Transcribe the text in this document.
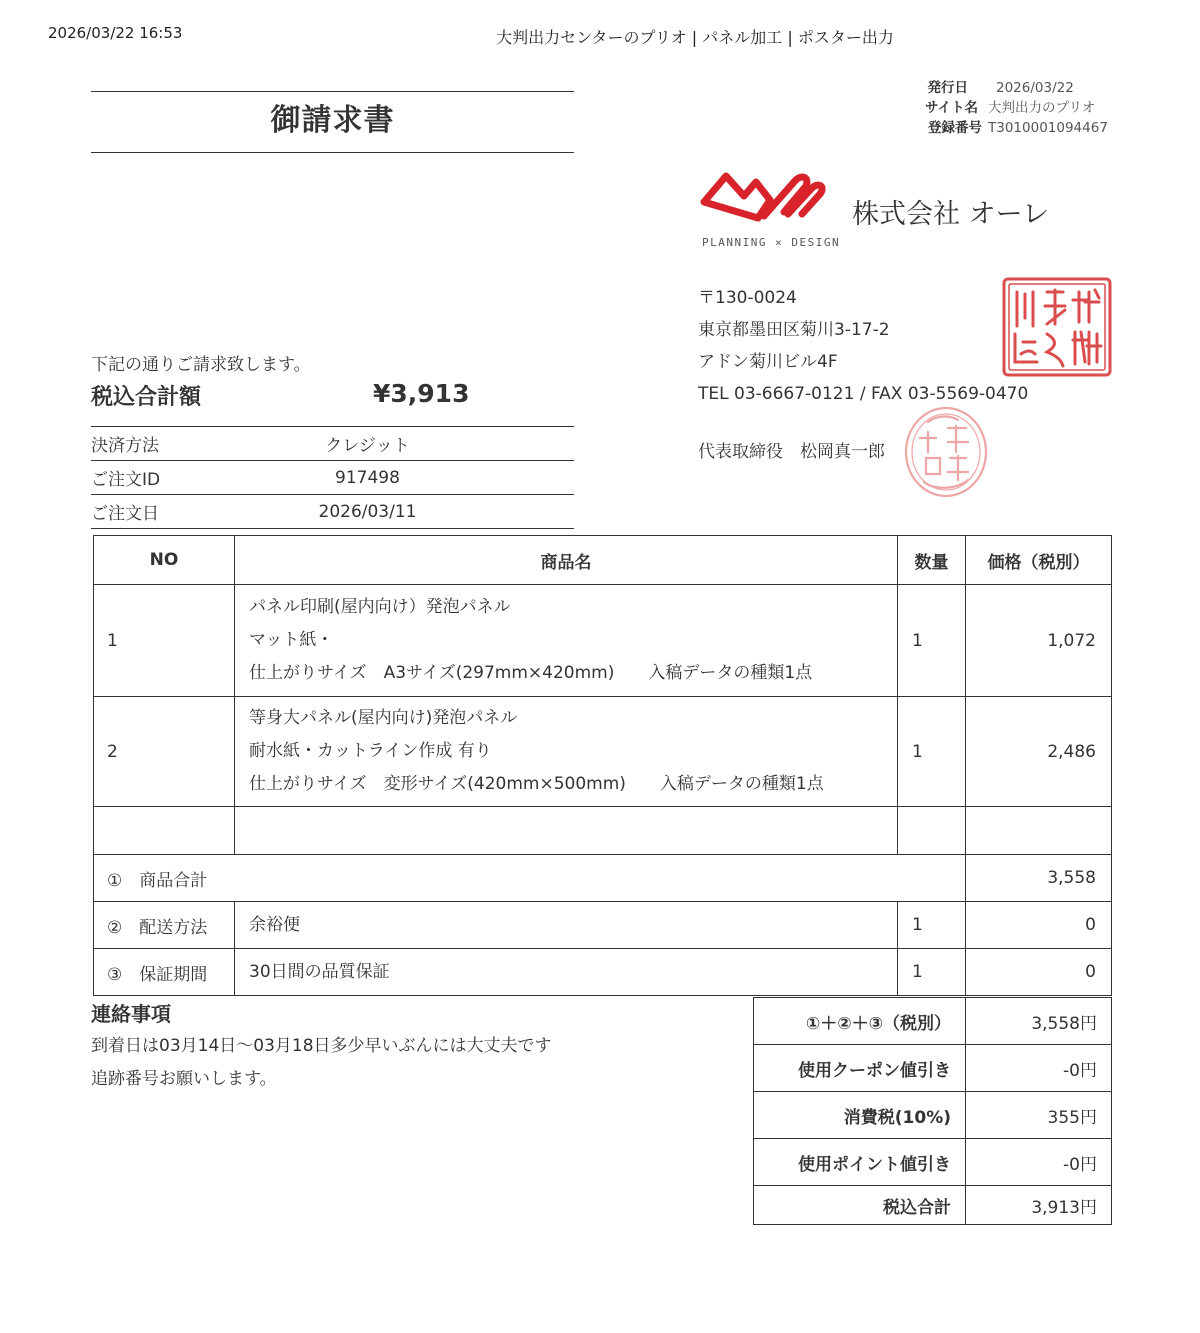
2026/03/22 16:53	大判出力センターのプリオ | パネル加工 | ポスター出力
御請求書
発行日	2026/03/22
サイト名 大判出力のプリオ
登録番号 T3010001094467
PLANNING × DESIGN
株式会社 オーレ
〒130-0024
東京都墨田区菊川3-17-2
アドン菊川ビル4F
TEL 03-6667-0121 / FAX 03-5569-0470
代表取締役　松岡真一郎
下記の通りご請求致します。
税込合計額	¥3,913
決済方法	クレジット
ご注文ID	917498
ご注文日	2026/03/11
NO	商品名	数量	価格（税別）
1	パネル印刷(屋内向け）発泡パネル
マット紙・
仕上がりサイズ　A3サイズ(297mm×420mm)　　入稿データの種類1点	1	1,072
2	等身大パネル(屋内向け)発泡パネル
耐水紙・カットライン作成 有り
仕上がりサイズ　変形サイズ(420mm×500mm)　　入稿データの種類1点	1	2,486

①　商品合計			3,558
②　配送方法	余裕便	1	0
③　保証期間	30日間の品質保証	1	0
連絡事項
到着日は03月14日～03月18日多少早いぶんには大丈夫です
追跡番号お願いします。
①＋②＋③（税別）	3,558円
使用クーポン値引き	-0円
消費税(10%)	355円
使用ポイント値引き	-0円
税込合計	3,913円
